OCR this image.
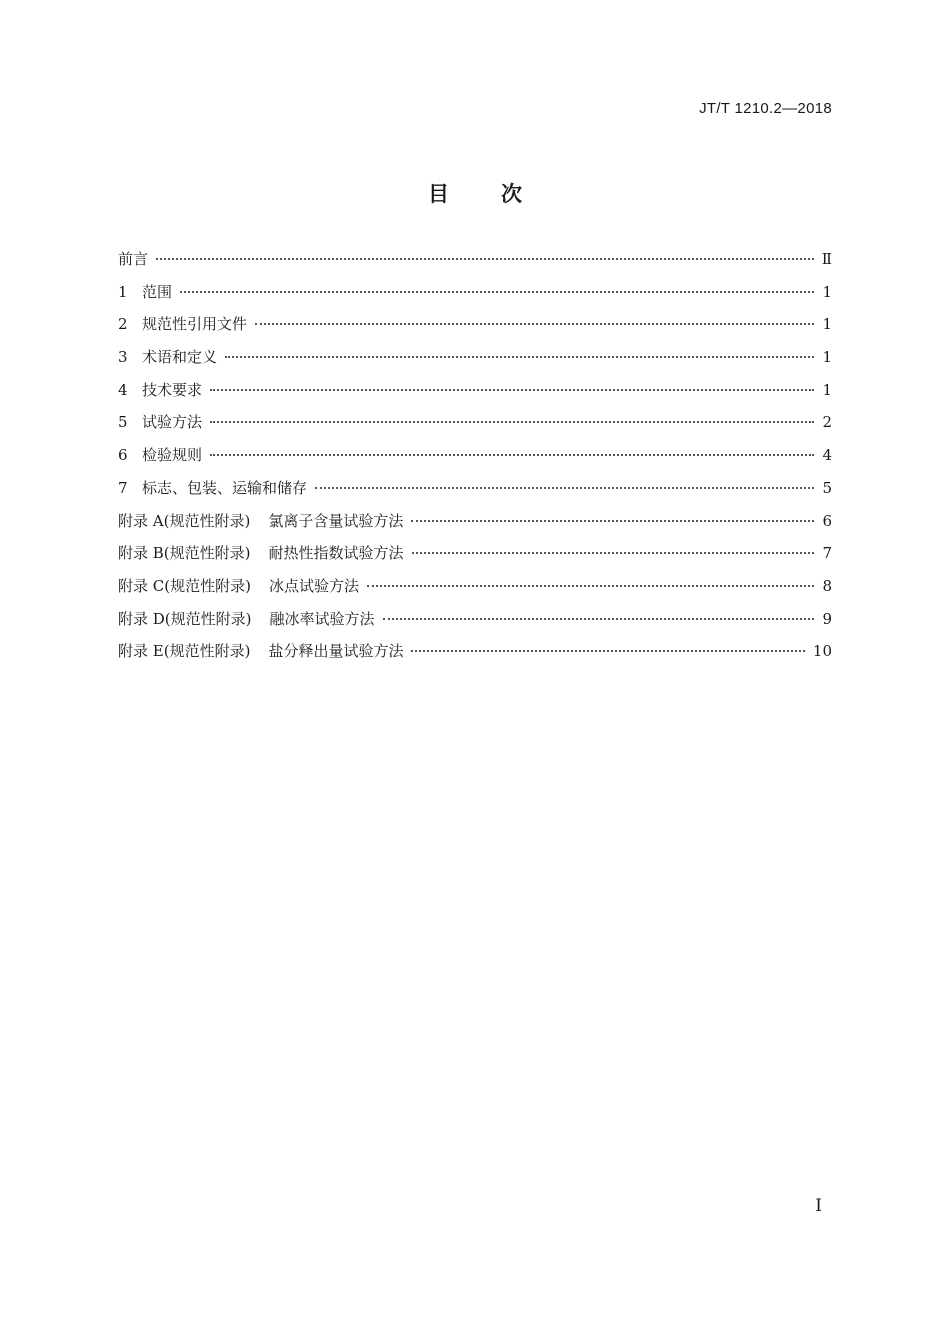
JT/T 1210.2—2018
目 次
前言	Ⅱ
1 范围	1
2 规范性引用文件	1
3 术语和定义	1
4 技术要求	1
5 试验方法	2
6 检验规则	4
7 标志、包装、运输和储存	5
附录 A(规范性附录) 氯离子含量试验方法	6
附录 B(规范性附录) 耐热性指数试验方法	7
附录 C(规范性附录) 冰点试验方法	8
附录 D(规范性附录) 融冰率试验方法	9
附录 E(规范性附录) 盐分释出量试验方法	10
I
